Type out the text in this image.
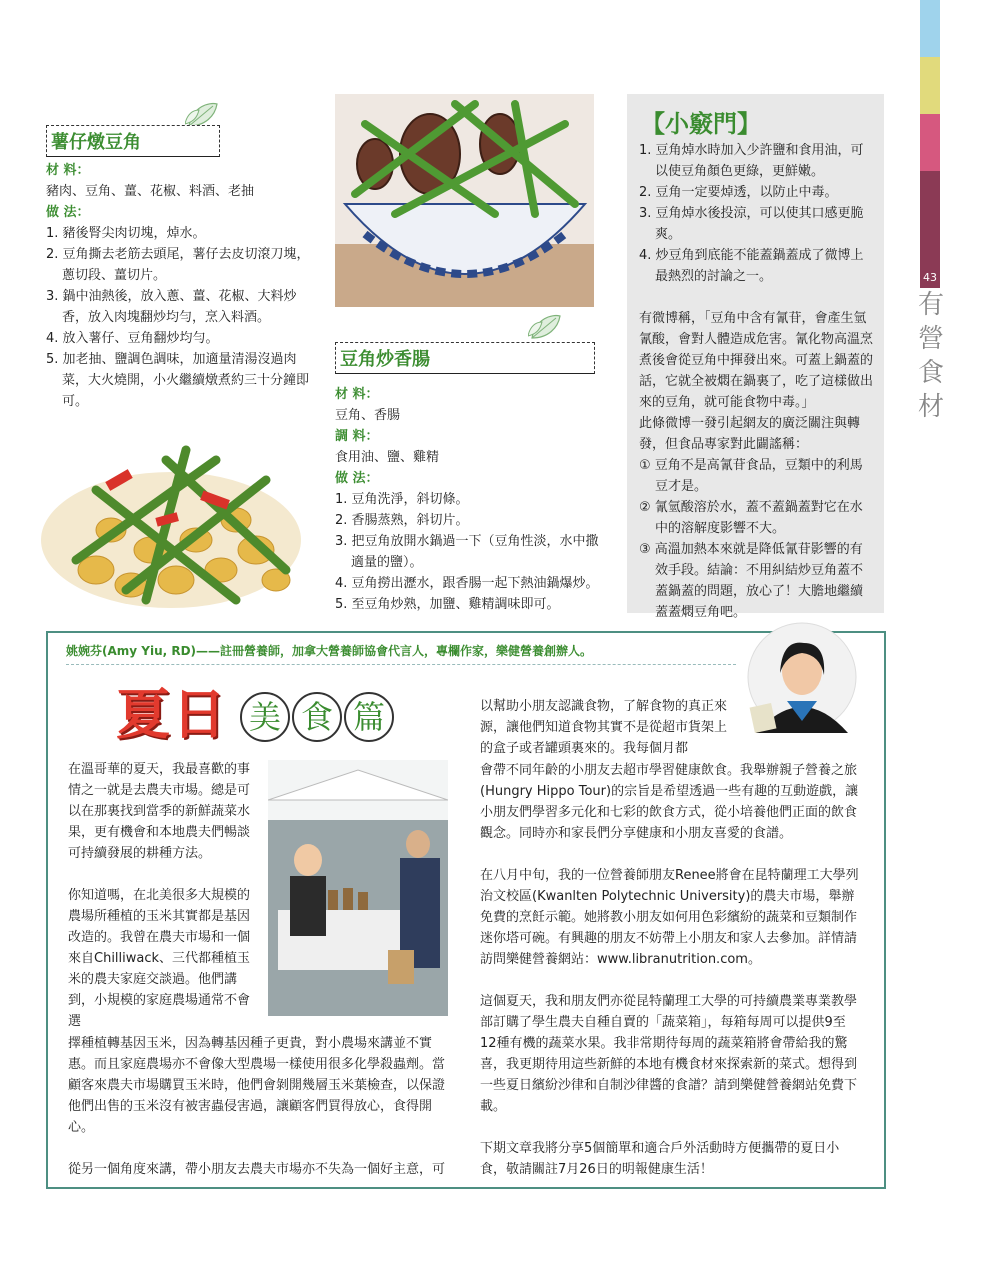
43
有營食材
薯仔燉豆角

材 料：

豬肉、豆角、薑、花椒、料酒、老抽

做 法：

1. 豬後腎尖肉切塊，焯水。

2. 豆角撕去老筋去頭尾，薯仔去皮切滾刀塊，蔥切段、薑切片。

3. 鍋中油熱後，放入蔥、薑、花椒、大料炒香，放入肉塊翻炒均勻，烹入料酒。

4. 放入薯仔、豆角翻炒均勻。

5. 加老抽、鹽調色調味，加適量清湯沒過肉菜，大火燒開，小火繼續燉煮約三十分鐘即可。

豆角炒香腸

材 料：

豆角、香腸

調 料：

食用油、鹽、雞精

做 法：

1. 豆角洗淨，斜切條。

2. 香腸蒸熟，斜切片。

3. 把豆角放開水鍋過一下（豆角性淡，水中撒適量的鹽）。

4. 豆角撈出瀝水，跟香腸一起下熱油鍋爆炒。

5. 至豆角炒熟，加鹽、雞精調味即可。

【小竅門】

1. 豆角焯水時加入少許鹽和食用油，可以使豆角顏色更綠，更鮮嫩。

2. 豆角一定要焯透，以防止中毒。

3. 豆角焯水後投涼，可以使其口感更脆爽。

4. 炒豆角到底能不能蓋鍋蓋成了微博上最熱烈的討論之一。

有微博稱，「豆角中含有氰苷，會產生氫氰酸，會對人體造成危害。氰化物高溫烹煮後會從豆角中揮發出來。可蓋上鍋蓋的話，它就全被燜在鍋裏了，吃了這樣做出來的豆角，就可能食物中毒。」

此條微博一發引起網友的廣泛關注與轉發，但食品專家對此闢謠稱：

① 豆角不是高氰苷食品，豆類中的利馬豆才是。

② 氰氫酸溶於水，蓋不蓋鍋蓋對它在水中的溶解度影響不大。

③ 高溫加熱本來就是降低氰苷影響的有效手段。結論：不用糾結炒豆角蓋不蓋鍋蓋的問題，放心了！大膽地繼續蓋蓋燜豆角吧。

姚婉芬(Amy Yiu, RD)——註冊營養師，加拿大營養師協會代言人，專欄作家，樂健營養創辦人。
夏日 美 食 篇

在溫哥華的夏天，我最喜歡的事情之一就是去農夫市場。總是可以在那裏找到當季的新鮮蔬菜水果，更有機會和本地農夫們暢談可持續發展的耕種方法。

你知道嗎，在北美很多大規模的農場所種植的玉米其實都是基因改造的。我曾在農夫市場和一個來自Chilliwack、三代都種植玉米的農夫家庭交談過。他們講到，小規模的家庭農場通常不會選

擇種植轉基因玉米，因為轉基因種子更貴，對小農場來講並不實惠。而且家庭農場亦不會像大型農場一樣使用很多化學殺蟲劑。當顧客來農夫市場購買玉米時，他們會剝開幾層玉米葉檢查，以保證他們出售的玉米沒有被害蟲侵害過，讓顧客們買得放心，食得開心。

從另一個角度來講，帶小朋友去農夫市場亦不失為一個好主意，可

以幫助小朋友認識食物，了解食物的真正來源，讓他們知道食物其實不是從超市貨架上的盒子或者罐頭裏來的。我每個月都

會帶不同年齡的小朋友去超市學習健康飲食。我舉辦親子營養之旅(Hungry Hippo Tour)的宗旨是希望透過一些有趣的互動遊戲，讓小朋友們學習多元化和七彩的飲食方式，從小培養他們正面的飲食觀念。同時亦和家長們分享健康和小朋友喜愛的食譜。

在八月中旬，我的一位營養師朋友Renee將會在昆特蘭理工大學列治文校區(Kwanlten Polytechnic University)的農夫市場，舉辦免費的烹飪示範。她將教小朋友如何用色彩繽紛的蔬菜和豆類制作迷你塔可碗。有興趣的朋友不妨帶上小朋友和家人去參加。詳情請訪問樂健營養網站：www.libranutrition.com。

這個夏天，我和朋友們亦從昆特蘭理工大學的可持續農業專業教學部訂購了學生農夫自種自賣的「蔬菜箱」，每箱每周可以提供9至12種有機的蔬菜水果。我非常期待每周的蔬菜箱將會帶給我的驚喜，我更期待用這些新鮮的本地有機食材來探索新的菜式。想得到一些夏日繽紛沙律和自制沙律醬的食譜？請到樂健營養網站免費下載。

下期文章我將分享5個簡單和適合戶外活動時方便攜帶的夏日小食，敬請關註7月26日的明報健康生活！
